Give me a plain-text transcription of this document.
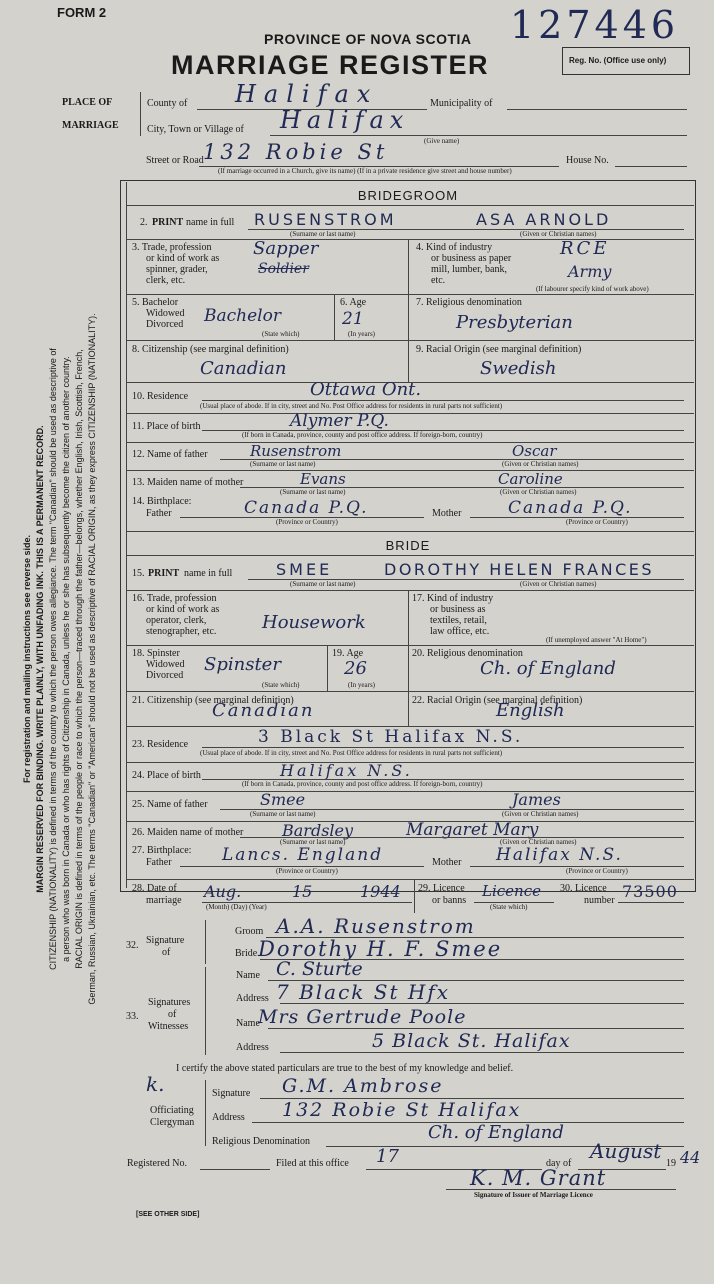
FORM 2
PROVINCE OF NOVA SCOTIA
MARRIAGE REGISTER	Reg. No. (Office use only)
127446
PLACE OF
MARRIAGE
County of Halifax	Municipality of
City, Town or Village of Halifax
(Give name)
Street or Road 132 Robie St	House No.
(If marriage occurred in a Church, give its name) (If in a private residence give street and house number)
BRIDEGROOM
2. PRINT name in full RUSENSTROM	ASA ARNOLD
(Surname or last name)	(Given or Christian names)
3. Trade, profession
or kind of work as
spinner, grader,
clerk, etc.
Sapper
Soldier
4. Kind of industry
or business as paper
mill, lumber, bank,
etc.
RCE
Army
(If labourer specify kind of work above)
5. Bachelor
Widowed
Divorced Bachelor
(State which)
6. Age
21
(In years)
7. Religious denomination
Presbyterian
8. Citizenship (see marginal definition)
Canadian
9. Racial Origin (see marginal definition)
Swedish
10. Residence	Ottawa Ont.
(Usual place of abode. If in city, street and No. Post Office address for residents in rural parts not sufficient)
11. Place of birth	Alymer P.Q.
(If born in Canada, province, county and post office address. If foreign-born, country)
12. Name of father	Rusenstrom	Oscar
(Surname or last name)	(Given or Christian names)
13. Maiden name of mother	Evans	Caroline
(Surname or last name)	(Given or Christian names)
14. Birthplace:
Father	Canada P.Q.	Mother	Canada P.Q.
(Province or Country)	(Province or Country)
BRIDE
15. PRINT name in full	SMEE	DOROTHY HELEN FRANCES
(Surname or last name)	(Given or Christian names)
16. Trade, profession
or kind of work as
operator, clerk,
stenographer, etc.	Housework
17. Kind of industry
or business as
textiles, retail,
law office, etc.
(If unemployed answer "At Home")
18. Spinster
Widowed
Divorced
Spinster
(State which)
19. Age
26
(In years)
20. Religious denomination
Ch. of England
21. Citizenship (see marginal definition)
Canadian	22. Racial Origin (see marginal definition)
English
23. Residence	3 Black St Halifax N.S.
(Usual place of abode. If in city, street and No. Post Office address for residents in rural parts not sufficient)
24. Place of birth	Halifax N.S.
(If born in Canada, province, county and post office address. If foreign-born, country)
25. Name of father	Smee	James
(Surname or last name)	(Given or Christian names)
26. Maiden name of mother Bardsley	Margaret Mary
(Surname or last name)	(Given or Christian names)
27. Birthplace:
Father	Lancs. England	Mother Halifax N.S.
(Province or Country)	(Province or Country)
28. Date of
marriage Aug.	15	1944
(Month) (Day) (Year)
29. Licence
or banns
Licence
(State which)
30. Licence
number 73500
32. Signature
of
Groom A.A. Rusenstrom
Bride Dorothy H. F. Smee
33.
Signatures
of
Witnesses
Name C. Sturte
Address 7 Black St Hfx
Name
Mrs Gertrude Poole
Address	5 Black St. Halifax
I certify the above stated particulars are true to the best of my knowledge and belief.
k.
Officiating
Clergyman
Signature G.M. Ambrose
Address 132 Robie St Halifax
Religious Denomination	Ch. of England
Registered No.	Filed at this office 17	day of
August
19 44
K. M. Grant
Signature of Issuer of Marriage Licence
[SEE OTHER SIDE]
For registration and mailing instructions see reverse side. MARGIN RESERVED FOR BINDING. WRITE PLAINLY, WITH UNFADING INK. THIS IS A PERMANENT RECORD. CITIZENSHIP (NATIONALITY) is defined in terms of the country to which the person owes allegiance. The term "Canadian" should be used as descriptive of a person who was born in Canada or who has rights of Citizenship in Canada, unless he or she has subsequently become the citizen of another country. RACIAL ORIGIN is defined in terms of the people or race to which the person—traced through the father—belongs, whether English, Irish, Scottish, French, German, Russian, Ukrainian, etc. The terms "Canadian" or "American" should not be used as descriptive of RACIAL ORIGIN, as they express CITIZENSHIP (NATIONALITY).
